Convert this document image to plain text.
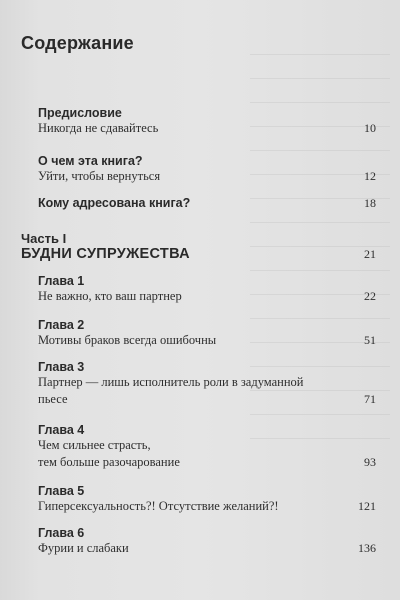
Содержание
Предисловие
Никогда не сдавайтесь	10
О чем эта книга?
Уйти, чтобы вернуться	12
Кому адресована книга?	18
Часть I
БУДНИ СУПРУЖЕСТВА	21
Глава 1
Не важно, кто ваш партнер	22
Глава 2
Мотивы браков всегда ошибочны	51
Глава 3
Партнер — лишь исполнитель роли в задуманной
пьесе	71
Глава 4
Чем сильнее страсть,
тем больше разочарование	93
Глава 5
Гиперсексуальность?! Отсутствие желаний?!	121
Глава 6
Фурии и слабаки	136
